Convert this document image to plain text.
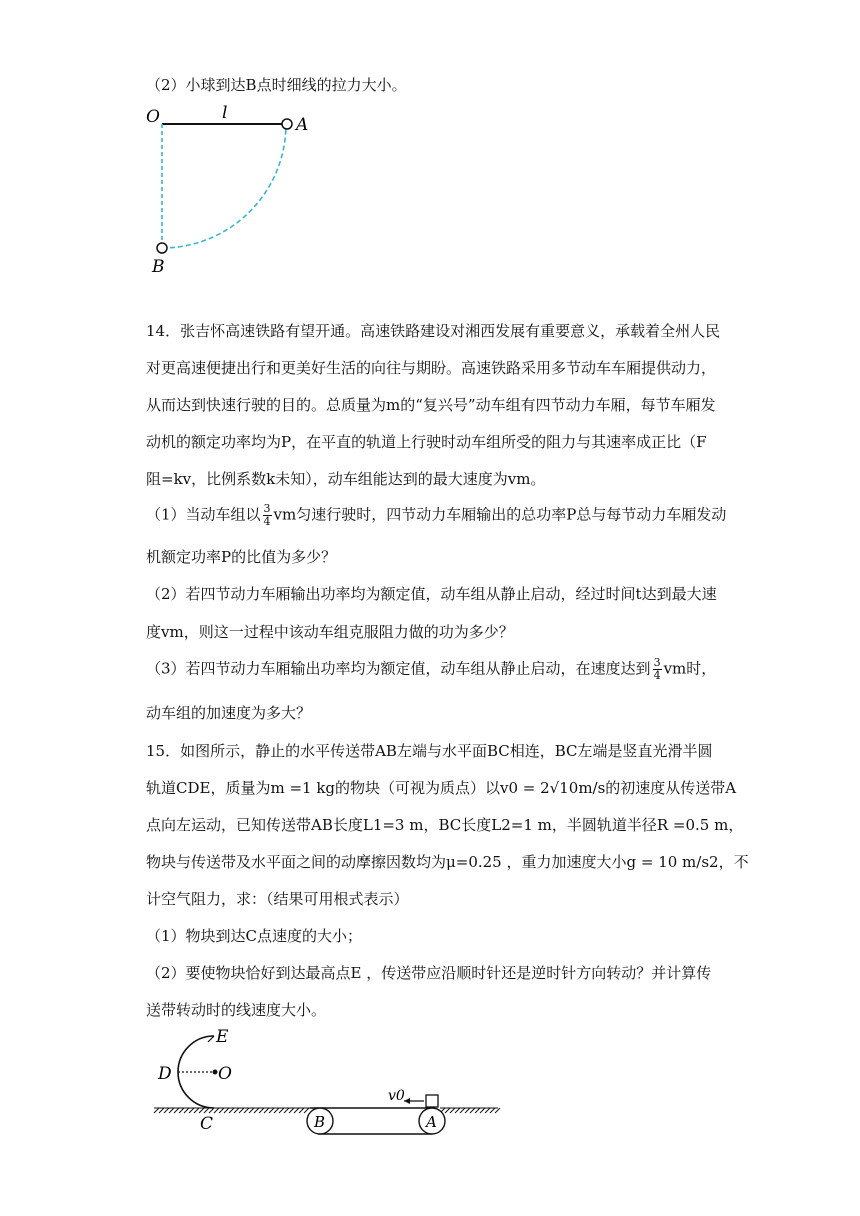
（2）小球到达B点时细线的拉力大小。
O	l
A
B
14．张吉怀高速铁路有望开通。高速铁路建设对湘西发展有重要意义，承载着全州人民
对更高速便捷出行和更美好生活的向往与期盼。高速铁路采用多节动车车厢提供动力，
从而达到快速行驶的目的。总质量为m的“复兴号”动车组有四节动力车厢，每节车厢发
动机的额定功率均为P，在平直的轨道上行驶时动车组所受的阻力与其速率成正比（F
阻=kv，比例系数k未知），动车组能达到的最大速度为vm。
（1）当动车组以 $\frac{3}{4}$ vm匀速行驶时，四节动力车厢输出的总功率P总与每节动力车厢发动
机额定功率P的比值为多少？
（2）若四节动力车厢输出功率均为额定值，动车组从静止启动，经过时间t达到最大速
度vm，则这一过程中该动车组克服阻力做的功为多少？
（3）若四节动力车厢输出功率均为额定值，动车组从静止启动，在速度达到 $\frac{3}{4}$ vm时，
动车组的加速度为多大？
15．如图所示，静止的水平传送带AB左端与水平面BC相连，BC左端是竖直光滑半圆
轨道CDE，质量为m =1 kg的物块（可视为质点）以v0 = 2√10m/s的初速度从传送带A
点向左运动，已知传送带AB长度L1=3 m，BC长度L2=1 m，半圆轨道半径R =0.5 m，
物块与传送带及水平面之间的动摩擦因数均为μ=0.25 ，重力加速度大小g = 10 m/s2，不
计空气阻力，求：（结果可用根式表示）
（1）物块到达C点速度的大小；
（2）要使物块恰好到达最高点E ，传送带应沿顺时针还是逆时针方向转动？并计算传
送带转动时的线速度大小。
E
D	O
C	B	A
v0
